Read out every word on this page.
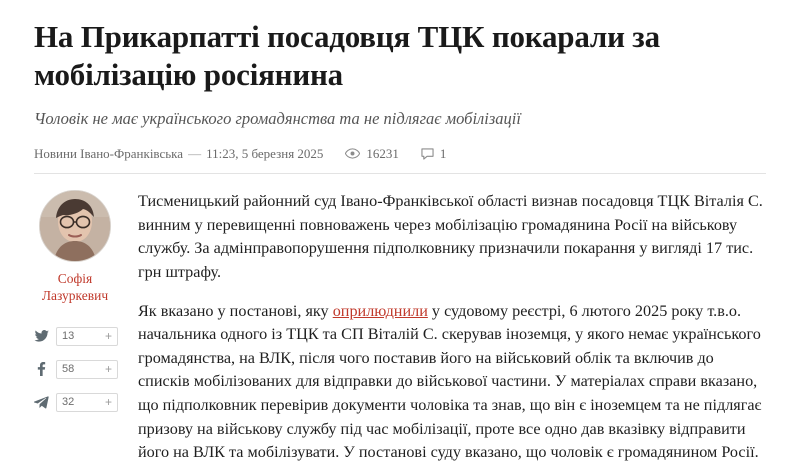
На Прикарпатті посадовця ТЦК покарали за мобілізацію росіянина
Чоловік не має українського громадянства та не підлягає мобілізації
Новини Івано-Франківська — 11:23, 5 березня 2025	16231	1
Софія
Лазуркевич
13	+
58	+
32	+

Тисменицький районний суд Івано-Франківської області визнав посадовця ТЦК Віталія С. винним у перевищенні повноважень через мобілізацію громадянина Росії на військову службу. За адмінправопорушення підполковнику призначили покарання у вигляді 17 тис. грн штрафу.

Як вказано у постанові, яку оприлюднили у судовому реєстрі, 6 лютого 2025 року т.в.о. начальника одного із ТЦК та СП Віталій С. скерував іноземця, у якого немає українського громадянства, на ВЛК, після чого поставив його на військовий облік та включив до списків мобілізованих для відправки до військової частини. У матеріалах справи вказано, що підполковник перевірив документи чоловіка та знав, що він є іноземцем та не підлягає призову на військову службу під час мобілізації, проте все одно дав вказівку відправити його на ВЛК та мобілізувати. У постанові суду вказано, що чоловік є громадянином Росії.
